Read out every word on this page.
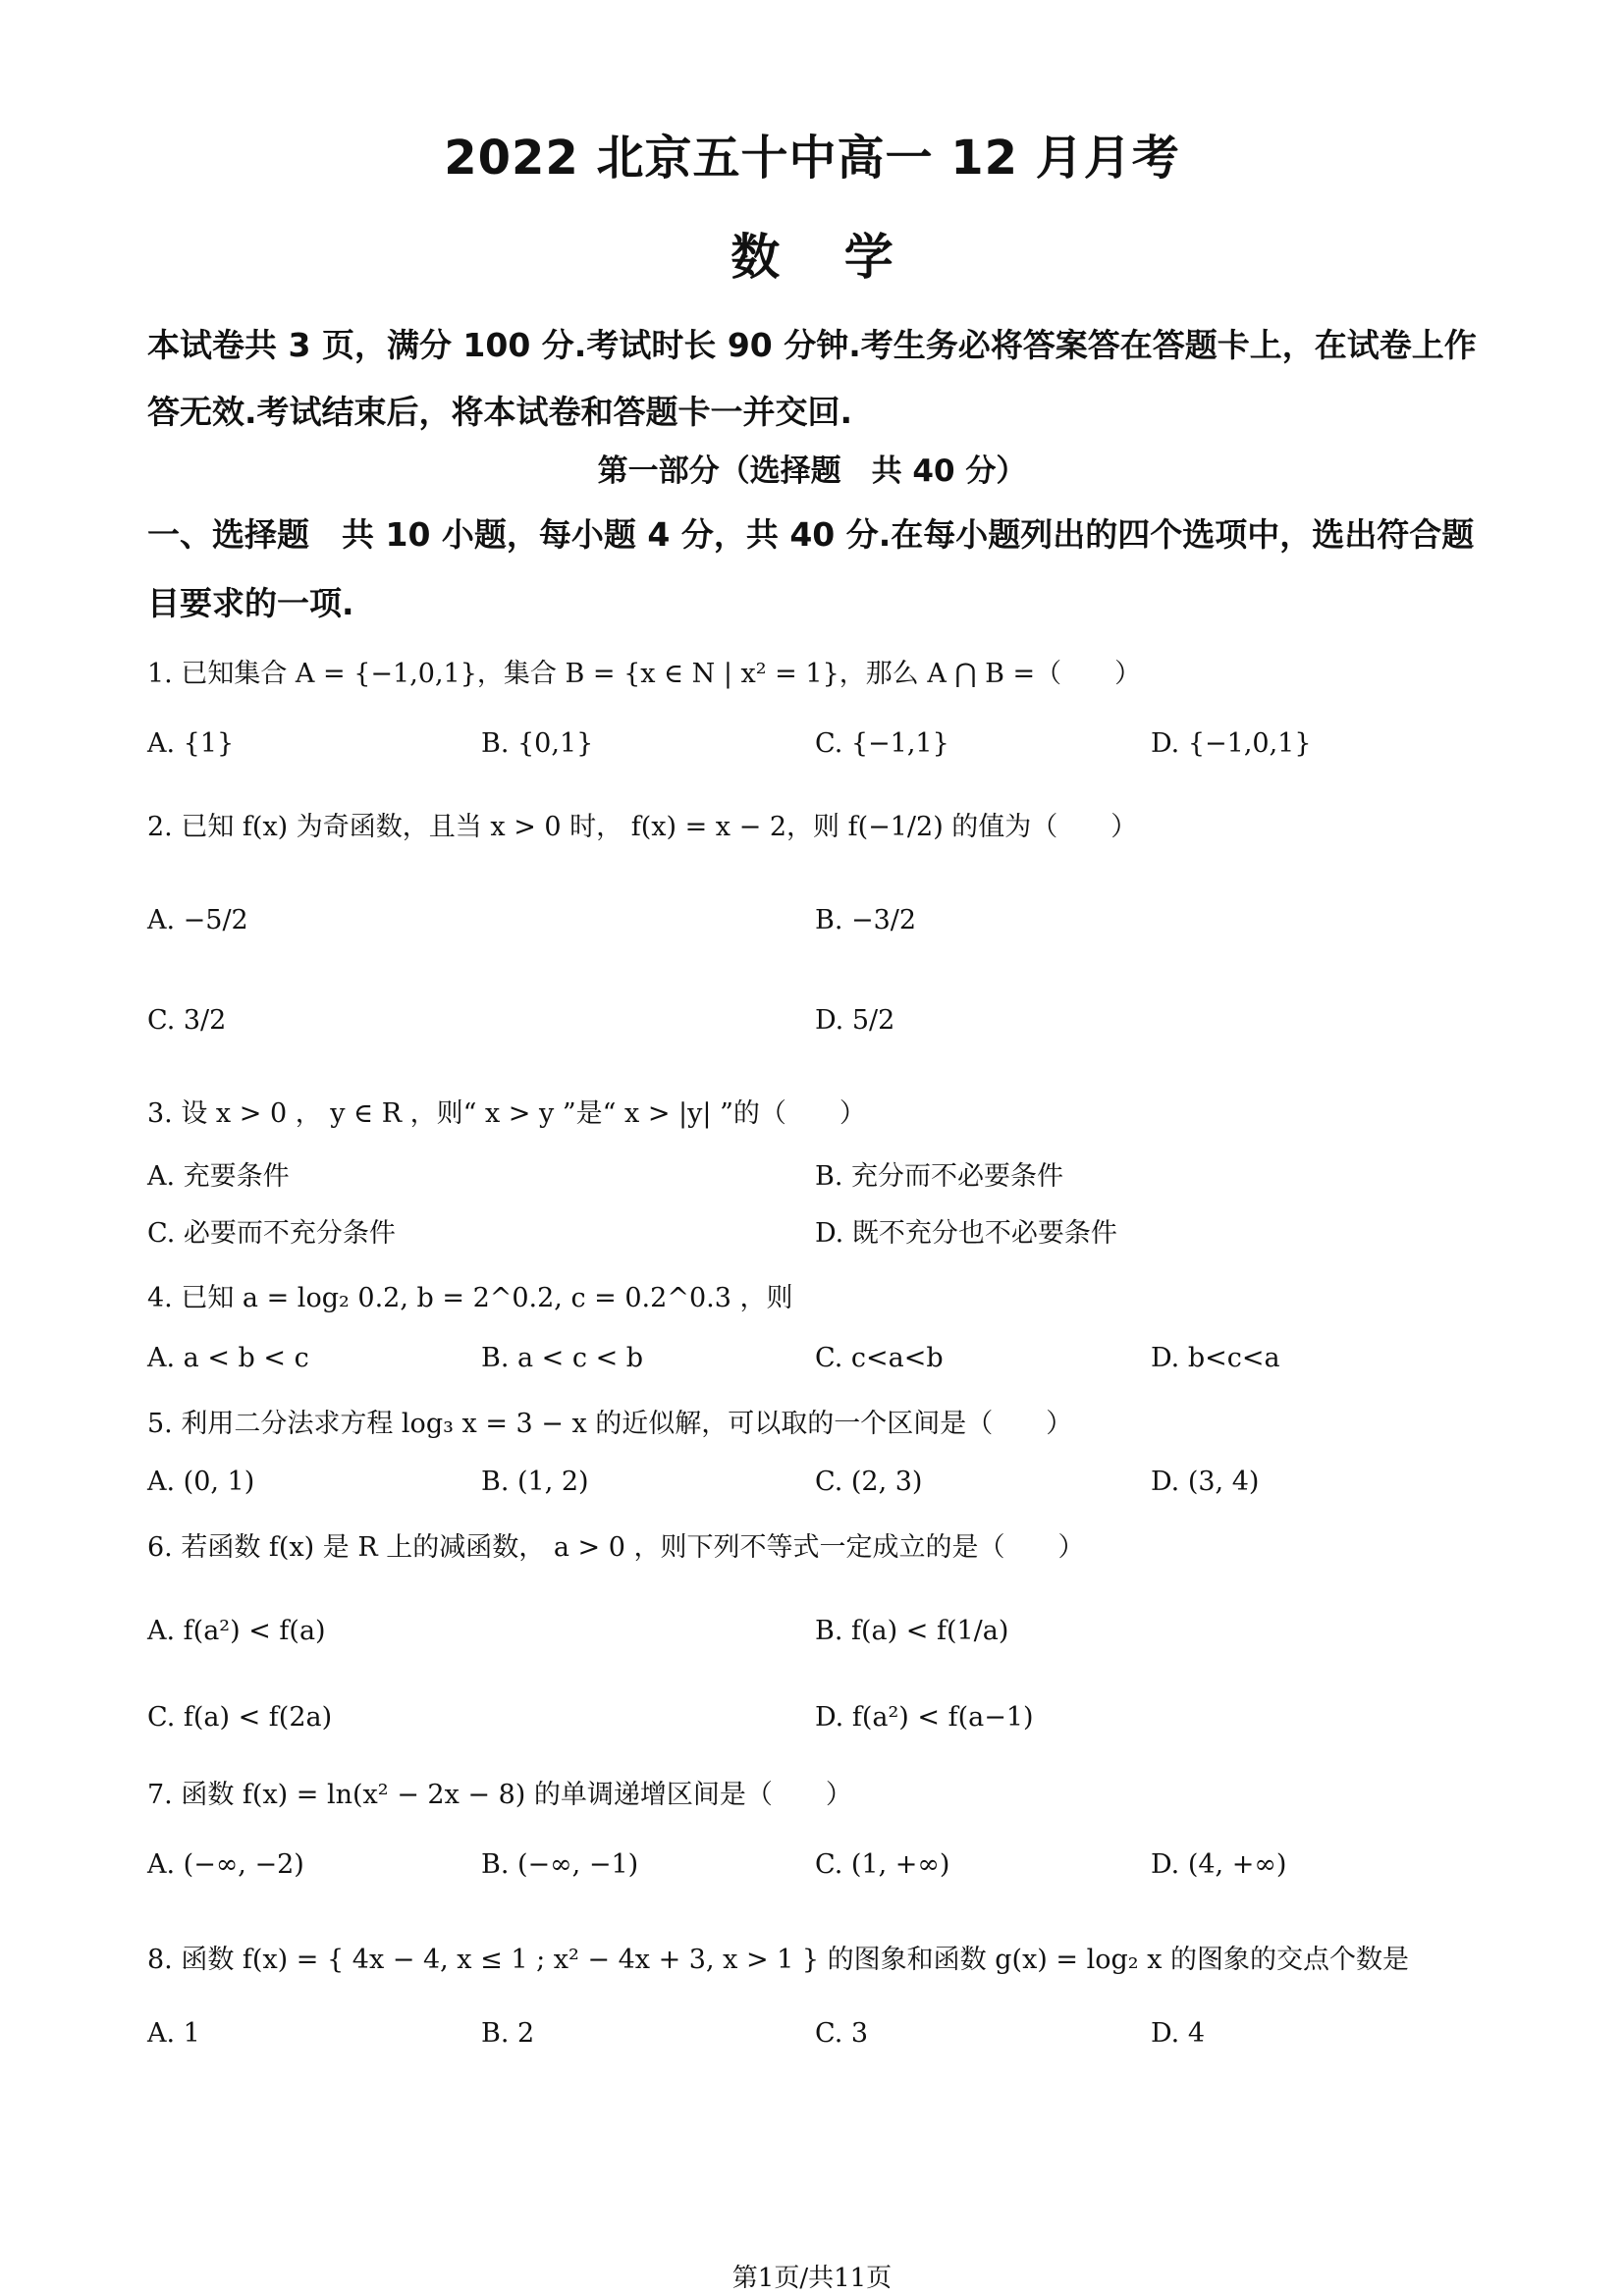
2022 北京五十中高一 12 月月考
数 学
本试卷共 3 页，满分 100 分.考试时长 90 分钟.考生务必将答案答在答题卡上，在试卷上作答无效.考试结束后，将本试卷和答题卡一并交回.
第一部分（选择题　共 40 分）
一、选择题　共 10 小题，每小题 4 分，共 40 分.在每小题列出的四个选项中，选出符合题目要求的一项.
1. 已知集合 A = {−1,0,1}，集合 B = {x ∈ N | x² = 1}，那么 A ⋂ B =（　　）
A. {1}	B. {0,1}	C. {−1,1}	D. {−1,0,1}
2. 已知 f(x) 为奇函数，且当 x > 0 时， f(x) = x − 2，则 f(−1/2) 的值为（　　）
A. −5/2	B. −3/2
C. 3/2	D. 5/2
3. 设 x > 0 ， y ∈ R ，则“ x > y ”是“ x > |y| ”的（　　）
A. 充要条件	B. 充分而不必要条件
C. 必要而不充分条件	D. 既不充分也不必要条件
4. 已知 a = log₂ 0.2, b = 2^0.2, c = 0.2^0.3 ，则
A. a < b < c	B. a < c < b	C. c<a<b	D. b<c<a
5. 利用二分法求方程 log₃ x = 3 − x 的近似解，可以取的一个区间是（　　）
A. (0, 1)	B. (1, 2)	C. (2, 3)	D. (3, 4)
6. 若函数 f(x) 是 R 上的减函数， a > 0 ，则下列不等式一定成立的是（　　）
A. f(a²) < f(a)	B. f(a) < f(1/a)
C. f(a) < f(2a)	D. f(a²) < f(a−1)
7. 函数 f(x) = ln(x² − 2x − 8) 的单调递增区间是（　　）
A. (−∞, −2)	B. (−∞, −1)	C. (1, +∞)	D. (4, +∞)
8. 函数 f(x) = { 4x − 4, x ≤ 1 ; x² − 4x + 3, x > 1 } 的图象和函数 g(x) = log₂ x 的图象的交点个数是
A. 1	B. 2	C. 3	D. 4
第1页/共11页
